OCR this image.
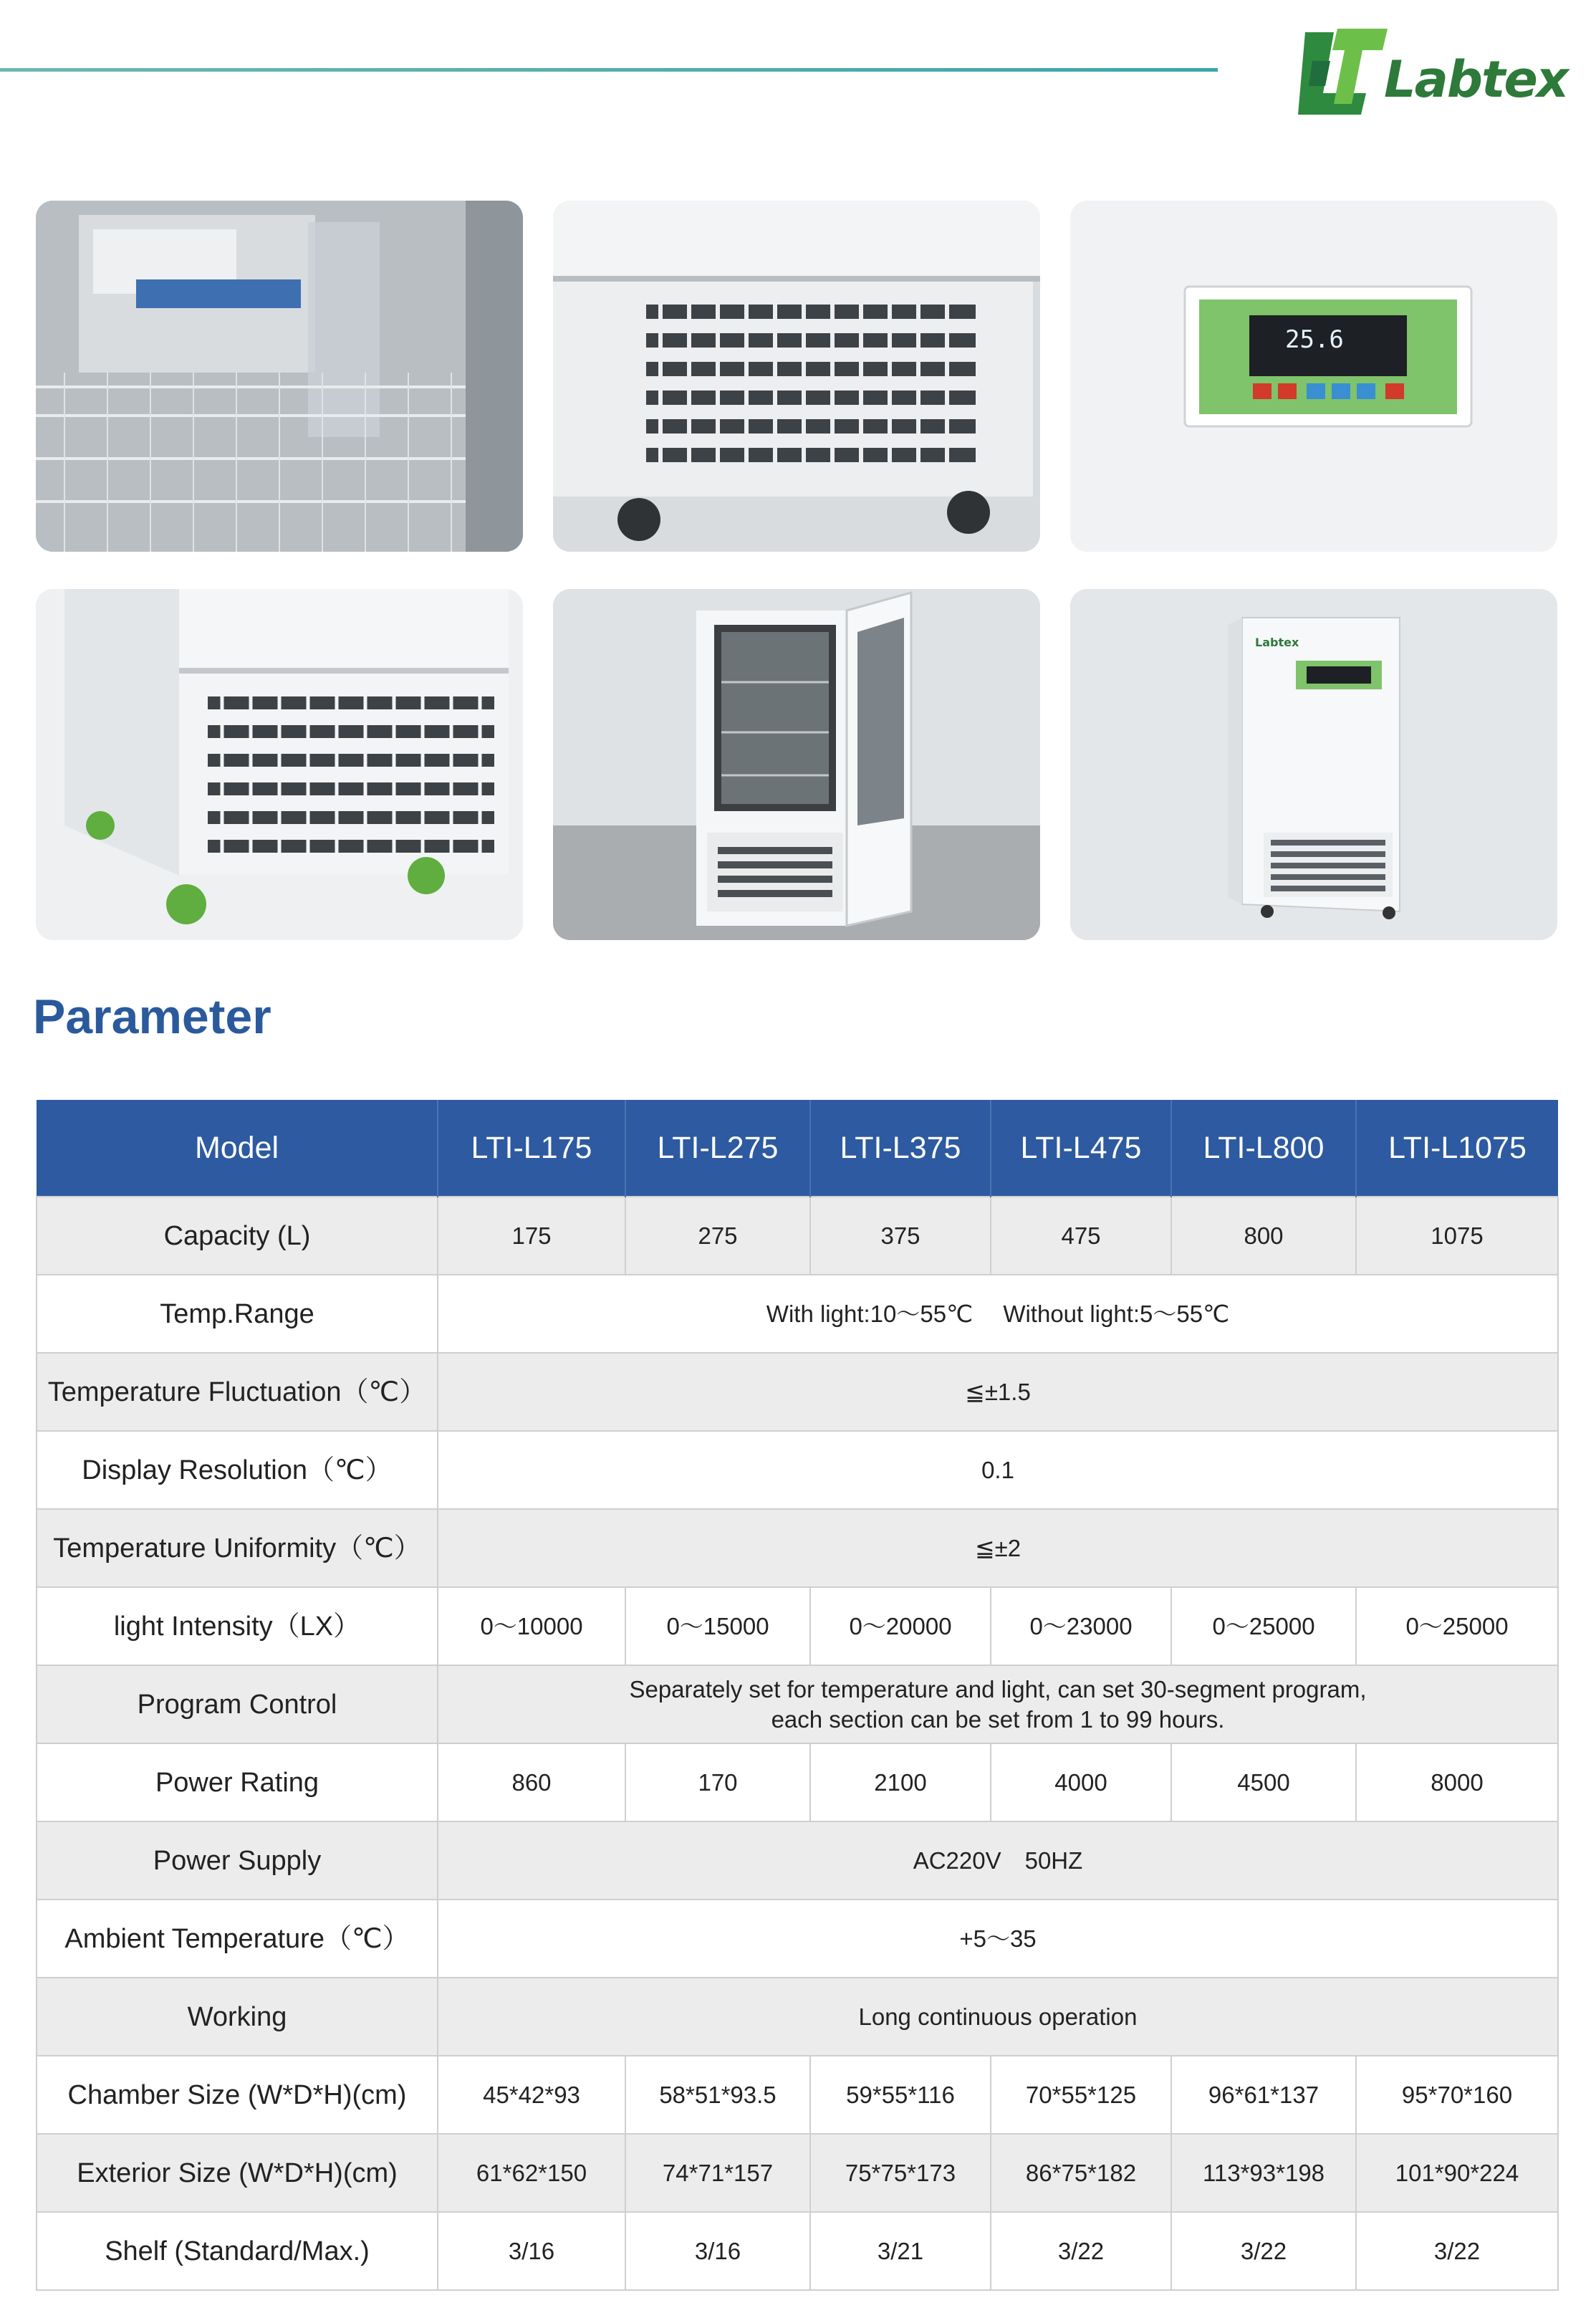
Labtex
25.6
Labtex
Parameter
Model	LTI-L175	LTI-L275	LTI-L375	LTI-L475	LTI-L800	LTI-L1075
Capacity (L)	175	275	375	475	800	1075
Temp.Range	With light:10～55℃　 Without light:5～55℃					
Temperature Fluctuation（℃）	≦±1.5					
Display Resolution（℃）	0.1					
Temperature Uniformity（℃）	≦±2					
light Intensity（LX）	0～10000	0～15000	0～20000	0～23000	0～25000	0～25000
Program Control	Separately set for temperature and light, can set 30-segment program,
each section can be set from 1 to 99 hours.					

Power Rating	860	170	2100	4000	4500	8000
Power Supply	AC220V　50HZ					
Ambient Temperature（℃）	+5～35					
Working	Long continuous operation					
Chamber Size (W*D*H)(cm)	45*42*93	58*51*93.5	59*55*116	70*55*125	96*61*137	95*70*160
Exterior Size (W*D*H)(cm)	61*62*150	74*71*157	75*75*173	86*75*182	113*93*198	101*90*224
Shelf (Standard/Max.)	3/16	3/16	3/21	3/22	3/22	3/22
